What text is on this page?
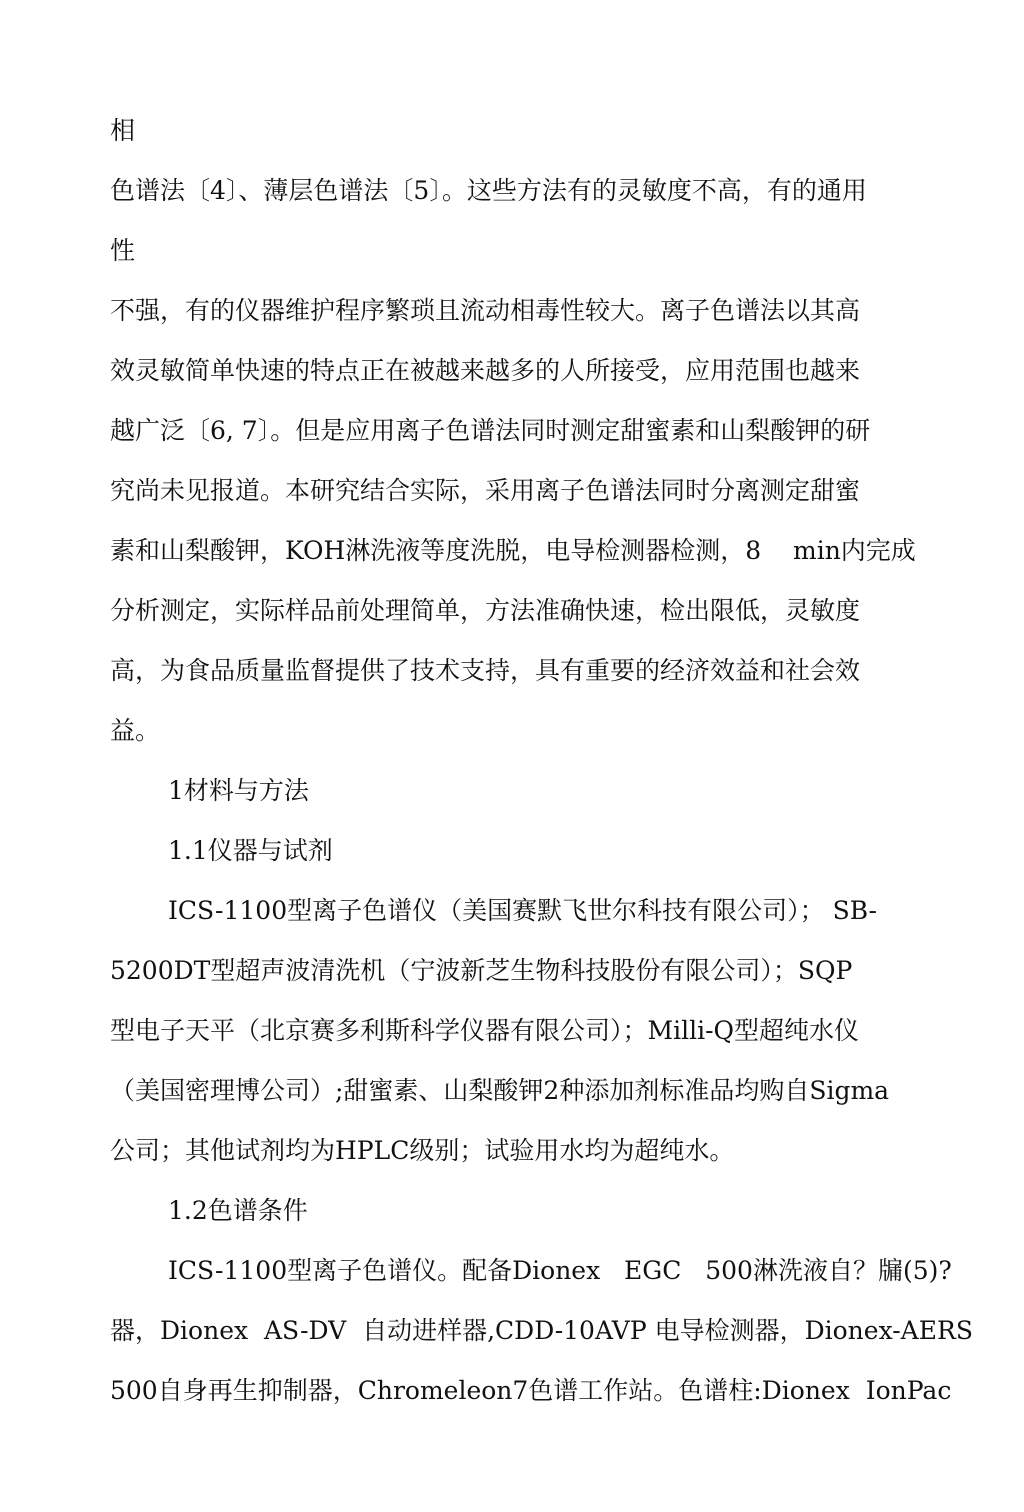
相
色谱法〔4〕、薄层色谱法〔5〕。这些方法有的灵敏度不高，有的通用
性
不强，有的仪器维护程序繁琐且流动相毒性较大。离子色谱法以其高
效灵敏简单快速的特点正在被越来越多的人所接受，应用范围也越来
越广泛〔6, 7〕。但是应用离子色谱法同时测定甜蜜素和山梨酸钾的研
究尚未见报道。本研究结合实际，采用离子色谱法同时分离测定甜蜜
素和山梨酸钾，KOH淋洗液等度洗脱，电导检测器检测，8    min内完成
分析测定，实际样品前处理简单，方法准确快速，检出限低，灵敏度
高，为食品质量监督提供了技术支持，具有重要的经济效益和社会效
益。
1材料与方法
1.1仪器与试剂
ICS-1100型离子色谱仪（美国赛默飞世尔科技有限公司）； SB-
5200DT型超声波清洗机（宁波新芝生物科技股份有限公司）；SQP
型电子天平（北京赛多利斯科学仪器有限公司）；Milli-Q型超纯水仪
（美国密理博公司）;甜蜜素、山梨酸钾2种添加剂标准品均购自Sigma
公司；其他试剂均为HPLC级别；试验用水均为超纯水。
1.2色谱条件
ICS-1100型离子色谱仪。配备Dionex   EGC   500淋洗液自？牖(5)?
器，Dionex  AS-DV  自动进样器,CDD-10AVP 电导检测器，Dionex-AERS
500自身再生抑制器，Chromeleon7色谱工作站。色谱柱:Dionex  IonPac
